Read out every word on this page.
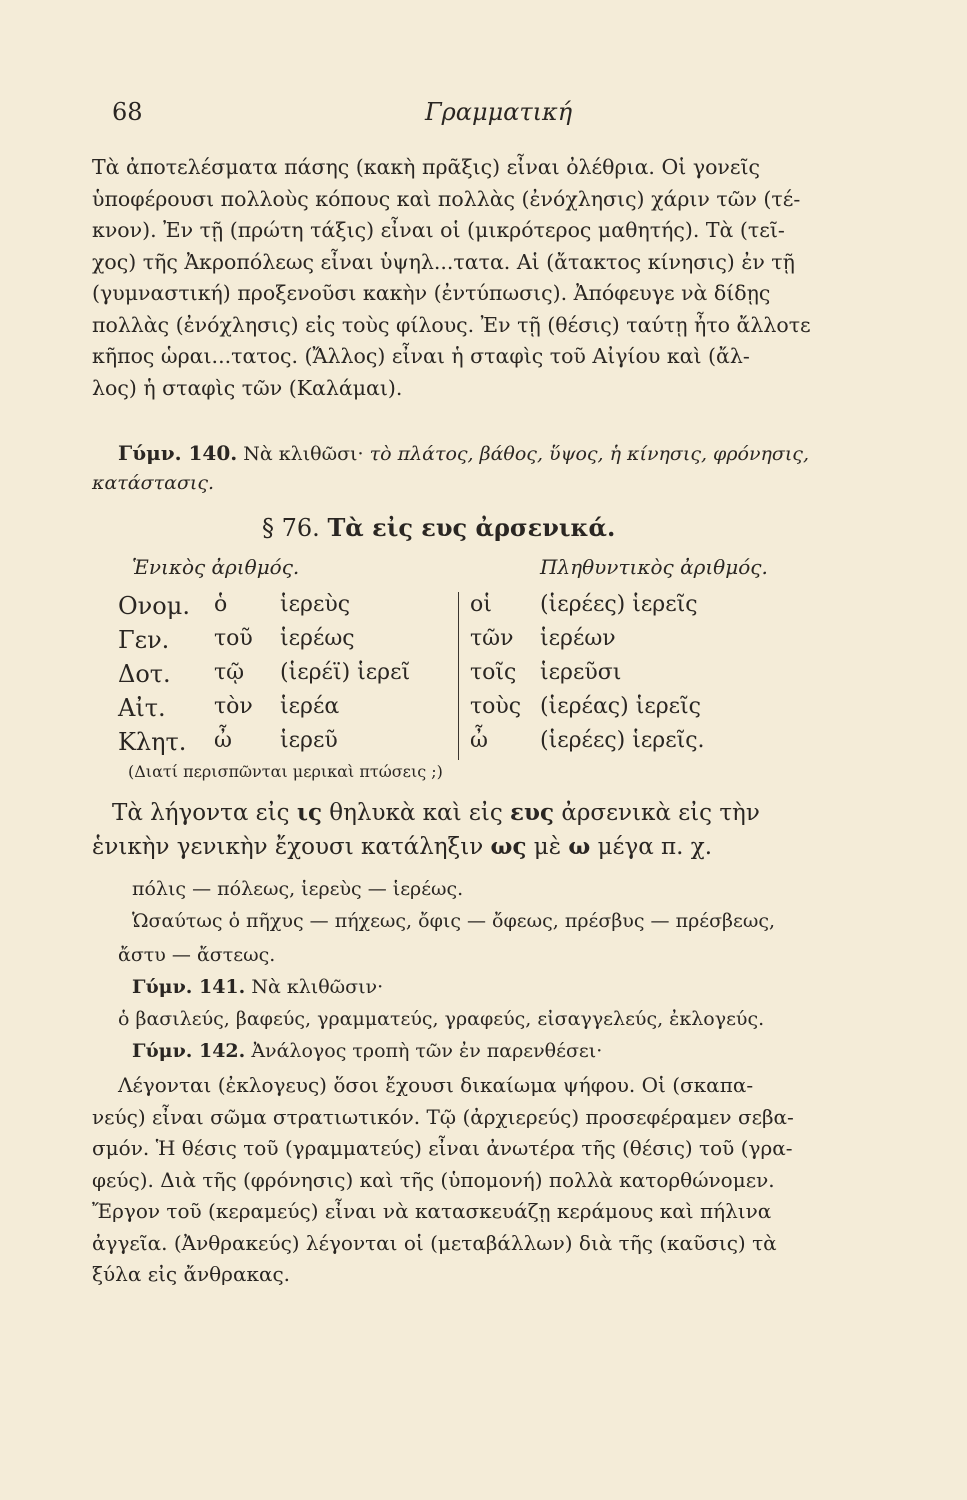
68	Γραμματική
Τὰ ἀποτελέσματα πάσης (κακὴ πρᾶξις) εἶναι ὀλέθρια. Οἱ γονεῖς
ὑποφέρουσι πολλοὺς κόπους καὶ πολλὰς (ἐνόχλησις) χάριν τῶν (τέ-
κνον). Ἐν τῇ (πρώτη τάξις) εἶναι οἱ (μικρότερος μαθητής). Τὰ (τεῖ-
χος) τῆς Ἀκροπόλεως εἶναι ὑψηλ...τατα. Αἱ (ἄτακτος κίνησις) ἐν τῇ
(γυμναστική) προξενοῦσι κακὴν (ἐντύπωσις). Ἀπόφευγε νὰ δίδῃς
πολλὰς (ἐνόχλησις) εἰς τοὺς φίλους. Ἐν τῇ (θέσις) ταύτῃ ἦτο ἄλλοτε
κῆπος ὡραι...τατος. (Ἄλλος) εἶναι ἡ σταφὶς τοῦ Αἰγίου καὶ (ἄλ-
λος) ἡ σταφὶς τῶν (Καλάμαι).
Γύμν. 140. Νὰ κλιθῶσι· τὸ πλάτος, βάθος, ὕψος, ἡ κίνησις, φρόνησις,
κατάστασις.
§ 76. Τὰ εἰς ευς ἀρσενικά.
Ἑνικὸς ἀριθμός.	Πληθυντικὸς ἀριθμός.
Ονομ. ὁ ἱερεὺς	οἱ (ἱερέες) ἱερεῖς
Γεν. τοῦ ἱερέως	τῶν ἱερέων
Δοτ. τῷ (ἱερέϊ) ἱερεῖ	τοῖς ἱερεῦσι
Αἰτ. τὸν ἱερέα	τοὺς (ἱερέας) ἱερεῖς
Κλητ. ὦ ἱερεῦ	ὦ (ἱερέες) ἱερεῖς.
(Διατί περισπῶνται μερικαὶ πτώσεις ;)
Τὰ λήγοντα εἰς ις θηλυκὰ καὶ εἰς ευς ἀρσενικὰ εἰς τὴν
ἑνικὴν γενικὴν ἔχουσι κατάληξιν ως μὲ ω μέγα π. χ.
πόλις — πόλεως, ἱερεὺς — ἱερέως.
Ὡσαύτως ὁ πῆχυς — πήχεως, ὄφις — ὄφεως, πρέσβυς — πρέσβεως,
ἄστυ — ἄστεως.
Γύμν. 141. Νὰ κλιθῶσιν·
ὁ βασιλεύς, βαφεύς, γραμματεύς, γραφεύς, εἰσαγγελεύς, ἐκλογεύς.
Γύμν. 142. Ἀνάλογος τροπὴ τῶν ἐν παρενθέσει·
Λέγονται (ἐκλογευς) ὅσοι ἔχουσι δικαίωμα ψήφου. Οἱ (σκαπα-
νεύς) εἶναι σῶμα στρατιωτικόν. Τῷ (ἀρχιερεύς) προσεφέραμεν σεβα-
σμόν. Ἡ θέσις τοῦ (γραμματεύς) εἶναι ἀνωτέρα τῆς (θέσις) τοῦ (γρα-
φεύς). Διὰ τῆς (φρόνησις) καὶ τῆς (ὑπομονή) πολλὰ κατορθώνομεν.
Ἔργον τοῦ (κεραμεύς) εἶναι νὰ κατασκευάζῃ κεράμους καὶ πήλινα
ἀγγεῖα. (Ἀνθρακεύς) λέγονται οἱ (μεταβάλλων) διὰ τῆς (καῦσις) τὰ
ξύλα εἰς ἄνθρακας.
